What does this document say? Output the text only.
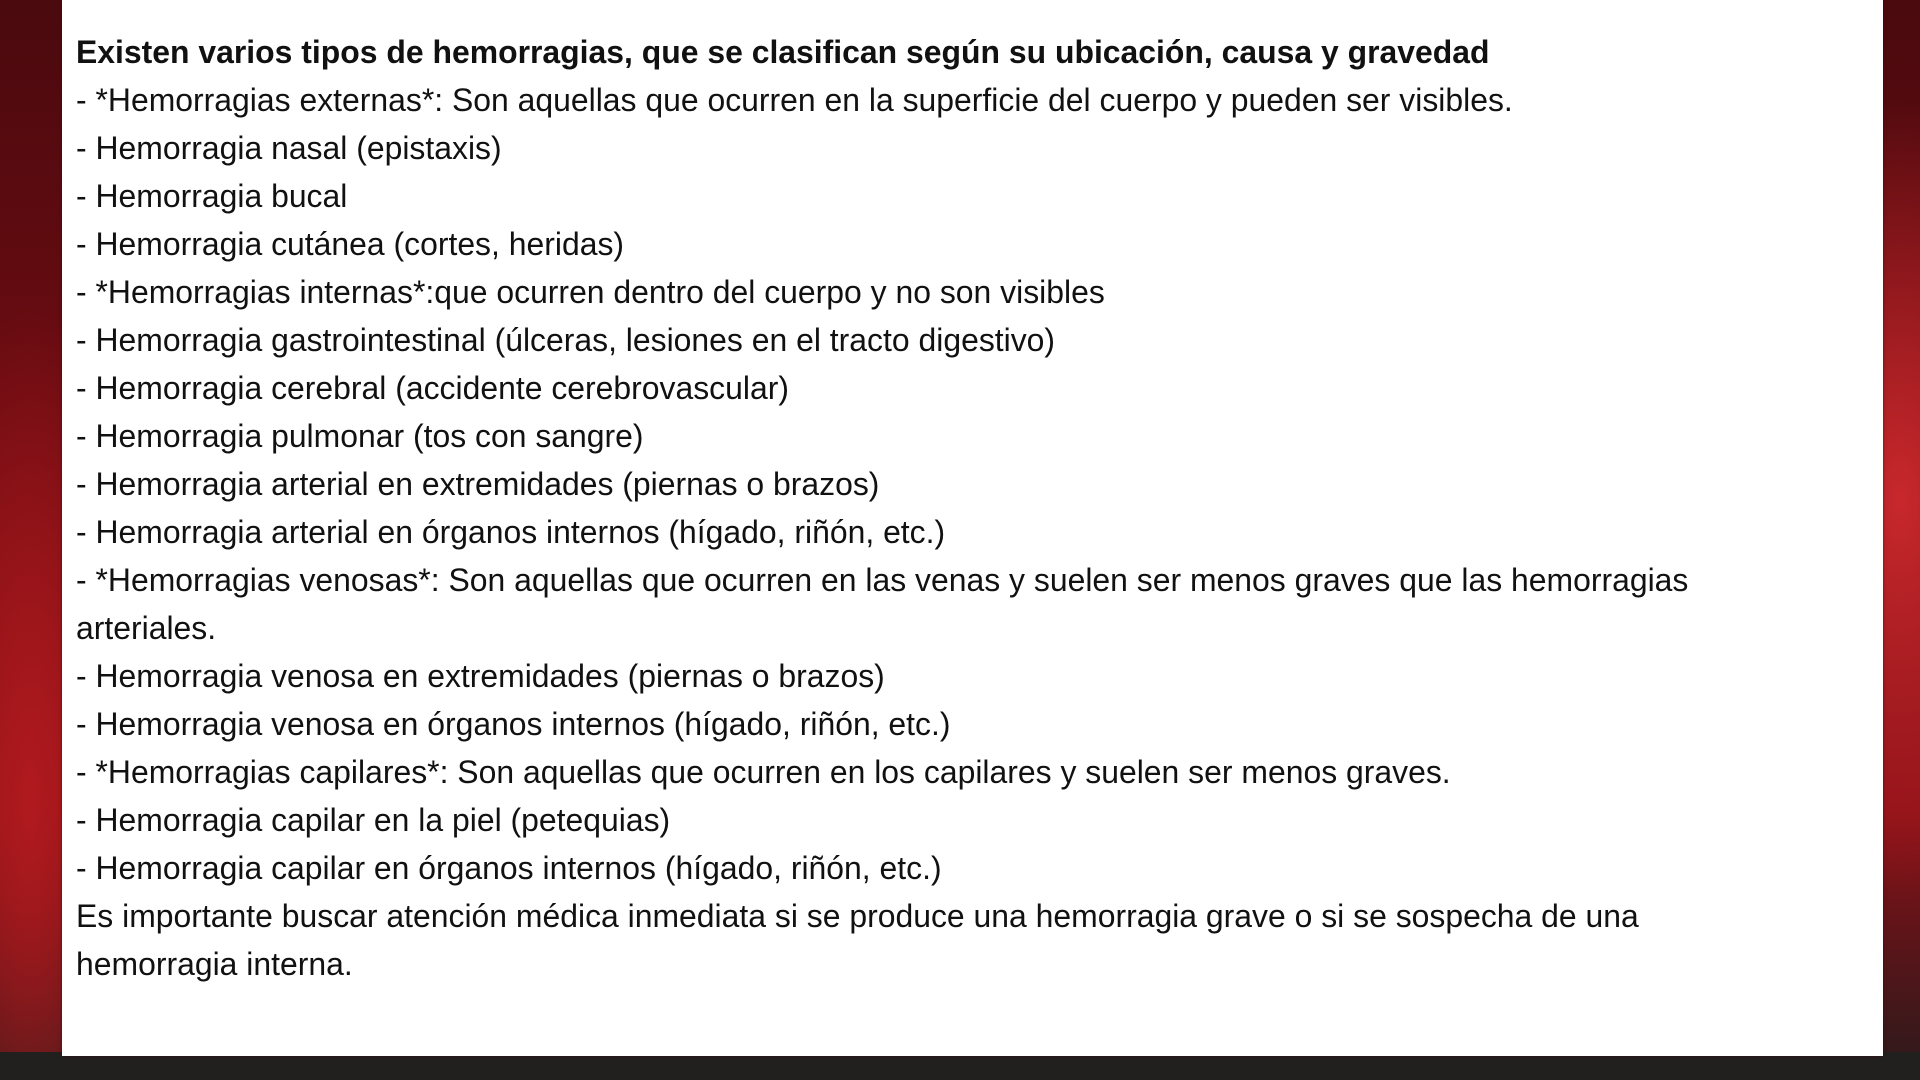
Existen varios tipos de hemorragias, que se clasifican según su ubicación, causa y gravedad
- *Hemorragias externas*: Son aquellas que ocurren en la superficie del cuerpo y pueden ser visibles.
- Hemorragia nasal (epistaxis)
- Hemorragia bucal
- Hemorragia cutánea (cortes, heridas)
- *Hemorragias internas*:que ocurren dentro del cuerpo y no son visibles
- Hemorragia gastrointestinal (úlceras, lesiones en el tracto digestivo)
- Hemorragia cerebral (accidente cerebrovascular)
- Hemorragia pulmonar (tos con sangre)
- Hemorragia arterial en extremidades (piernas o brazos)
- Hemorragia arterial en órganos internos (hígado, riñón, etc.)
- *Hemorragias venosas*: Son aquellas que ocurren en las venas y suelen ser menos graves que las hemorragias
arteriales.
- Hemorragia venosa en extremidades (piernas o brazos)
- Hemorragia venosa en órganos internos (hígado, riñón, etc.)
- *Hemorragias capilares*: Son aquellas que ocurren en los capilares y suelen ser menos graves.
- Hemorragia capilar en la piel (petequias)
- Hemorragia capilar en órganos internos (hígado, riñón, etc.)
Es importante buscar atención médica inmediata si se produce una hemorragia grave o si se sospecha de una
hemorragia interna.
